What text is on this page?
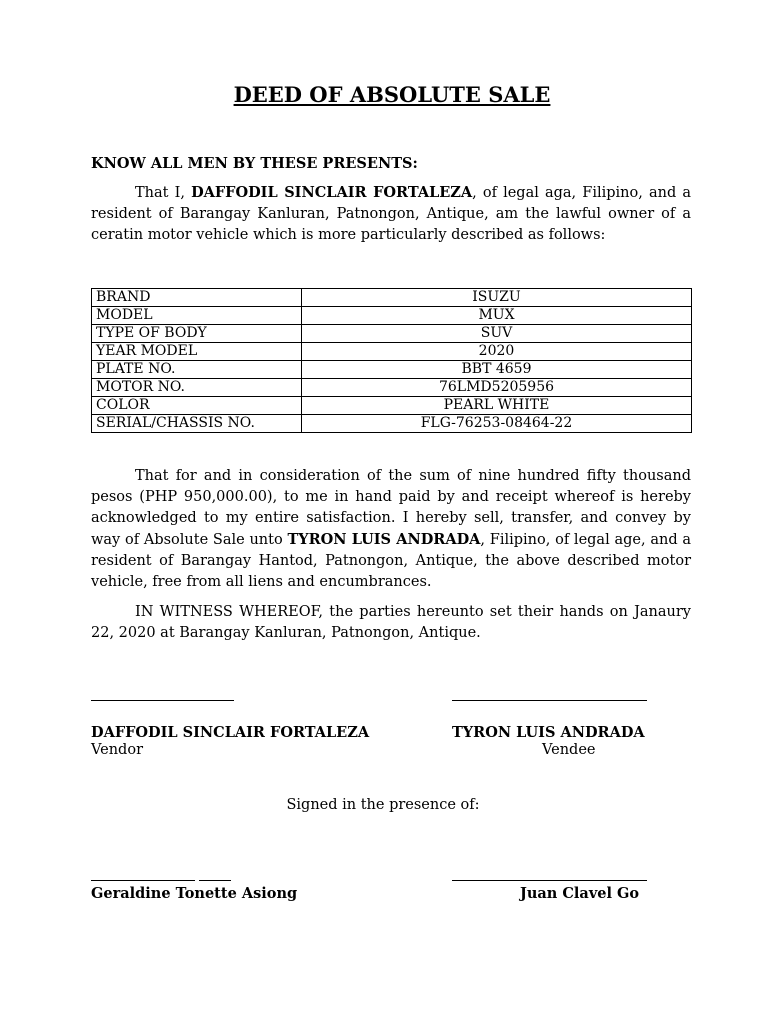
DEED OF ABSOLUTE SALE
KNOW ALL MEN BY THESE PRESENTS:
That I, DAFFODIL SINCLAIR FORTALEZA, of legal aga, Filipino, and a resident of Barangay Kanluran, Patnongon, Antique, am the lawful owner of a ceratin motor vehicle which is more particularly described as follows:
BRAND	ISUZU
MODEL	MUX
TYPE OF BODY	SUV
YEAR MODEL	2020
PLATE NO.	BBT 4659
MOTOR NO.	76LMD5205956
COLOR	PEARL WHITE
SERIAL/CHASSIS NO.	FLG-76253-08464-22
That for and in consideration of the sum of nine hundred fifty thousand pesos (PHP 950,000.00), to me in hand paid by and receipt whereof is hereby acknowledged to my entire satisfaction. I hereby sell, transfer, and convey by way of Absolute Sale unto TYRON LUIS ANDRADA, Filipino, of legal age, and a resident of Barangay Hantod, Patnongon, Antique, the above described motor vehicle, free from all liens and encumbrances.
IN WITNESS WHEREOF, the parties hereunto set their hands on Janaury 22, 2020 at Barangay Kanluran, Patnongon, Antique.
DAFFODIL SINCLAIR FORTALEZA
Vendor
TYRON LUIS ANDRADA
Vendee
Signed in the presence of:
Geraldine Tonette Asiong	Juan Clavel Go
